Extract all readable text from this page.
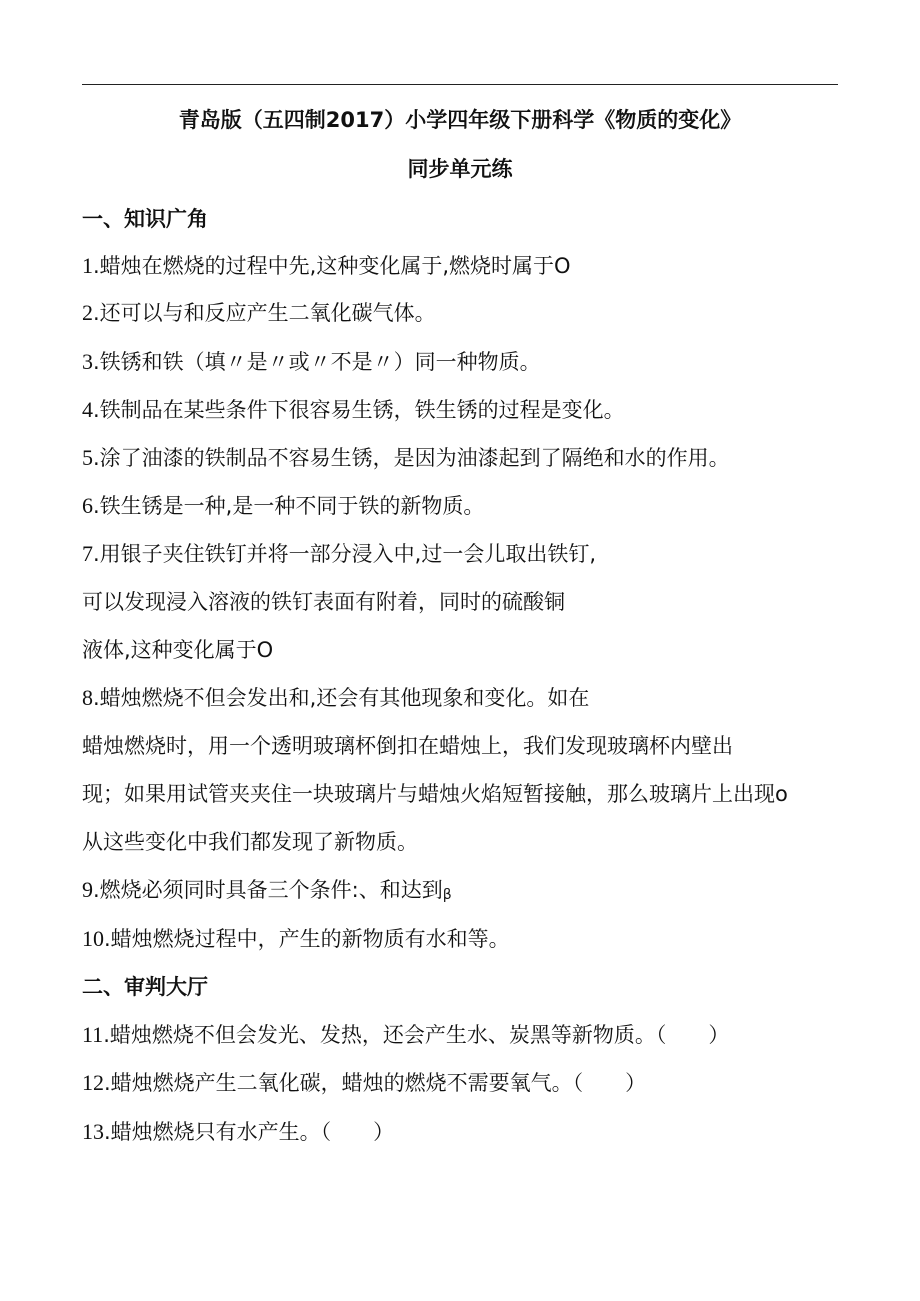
青岛版（五四制2017）小学四年级下册科学《物质的变化》
同步单元练
一、知识广角
1.蜡烛在燃烧的过程中先,这种变化属于,燃烧时属于O
2.还可以与和反应产生二氧化碳气体。
3.铁锈和铁（填〃是〃或〃不是〃）同一种物质。
4.铁制品在某些条件下很容易生锈，铁生锈的过程是变化。
5.涂了油漆的铁制品不容易生锈，是因为油漆起到了隔绝和水的作用。
6.铁生锈是一种,是一种不同于铁的新物质。
7.用银子夹住铁钉并将一部分浸入中,过一会儿取出铁钉,
可以发现浸入溶液的铁钉表面有附着，同时的硫酸铜
液体,这种变化属于O
8.蜡烛燃烧不但会发出和,还会有其他现象和变化。如在
蜡烛燃烧时，用一个透明玻璃杯倒扣在蜡烛上，我们发现玻璃杯内壁出
现；如果用试管夹夹住一块玻璃片与蜡烛火焰短暂接触，那么玻璃片上出现o
从这些变化中我们都发现了新物质。
9.燃烧必须同时具备三个条件:、和达到β
10.蜡烛燃烧过程中，产生的新物质有水和等。
二、审判大厅
11.蜡烛燃烧不但会发光、发热，还会产生水、炭黑等新物质。（　　）
12.蜡烛燃烧产生二氧化碳，蜡烛的燃烧不需要氧气。（　　）
13.蜡烛燃烧只有水产生。（　　）
